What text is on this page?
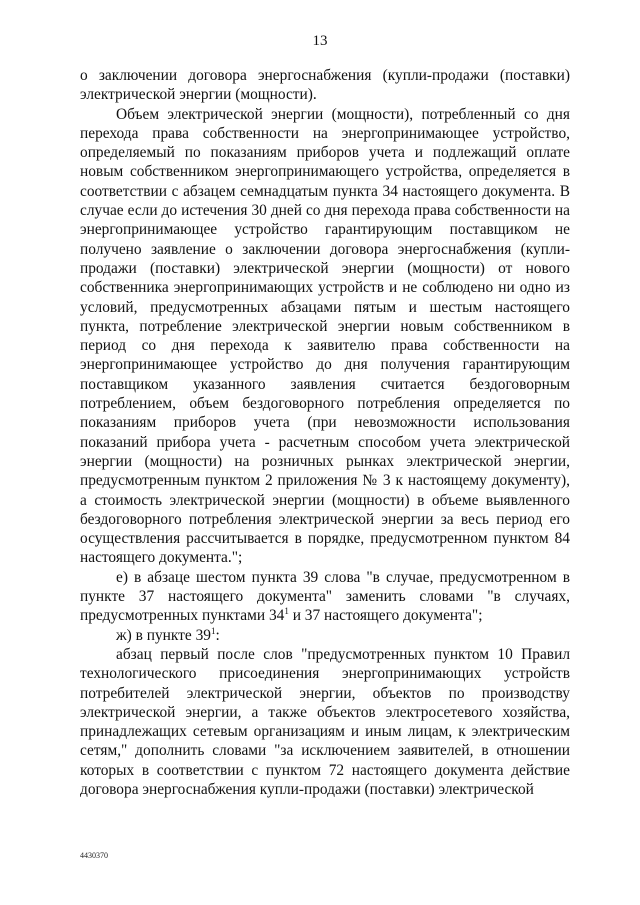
13

о заключении договора энергоснабжения (купли-продажи (поставки) электрической энергии (мощности).

Объем электрической энергии (мощности), потребленный со дня перехода права собственности на энергопринимающее устройство, определяемый по показаниям приборов учета и подлежащий оплате новым собственником энергопринимающего устройства, определяется в соответствии с абзацем семнадцатым пункта 34 настоящего документа. В случае если до истечения 30 дней со дня перехода права собственности на энергопринимающее устройство гарантирующим поставщиком не получено заявление о заключении договора энергоснабжения (купли-продажи (поставки) электрической энергии (мощности) от нового собственника энергопринимающих устройств и не соблюдено ни одно из условий, предусмотренных абзацами пятым и шестым настоящего пункта, потребление электрической энергии новым собственником в период со дня перехода к заявителю права собственности на энергопринимающее устройство до дня получения гарантирующим поставщиком указанного заявления считается бездоговорным потреблением, объем бездоговорного потребления определяется по показаниям приборов учета (при невозможности использования показаний прибора учета - расчетным способом учета электрической энергии (мощности) на розничных рынках электрической энергии, предусмотренным пунктом 2 приложения № 3 к настоящему документу), а стоимость электрической энергии (мощности) в объеме выявленного бездоговорного потребления электрической энергии за весь период его осуществления рассчитывается в порядке, предусмотренном пунктом 84 настоящего документа.";

е) в абзаце шестом пункта 39 слова "в случае, предусмотренном в пункте 37 настоящего документа" заменить словами "в случаях, предусмотренных пунктами $34^1$ и 37 настоящего документа";

ж) в пункте $39^1$:

абзац первый после слов "предусмотренных пунктом 10 Правил технологического присоединения энергопринимающих устройств потребителей электрической энергии, объектов по производству электрической энергии, а также объектов электросетевого хозяйства, принадлежащих сетевым организациям и иным лицам, к электрическим сетям," дополнить словами "за исключением заявителей, в отношении которых в соответствии с пунктом 72 настоящего документа действие договора энергоснабжения купли-продажи (поставки) электрической

4430370
